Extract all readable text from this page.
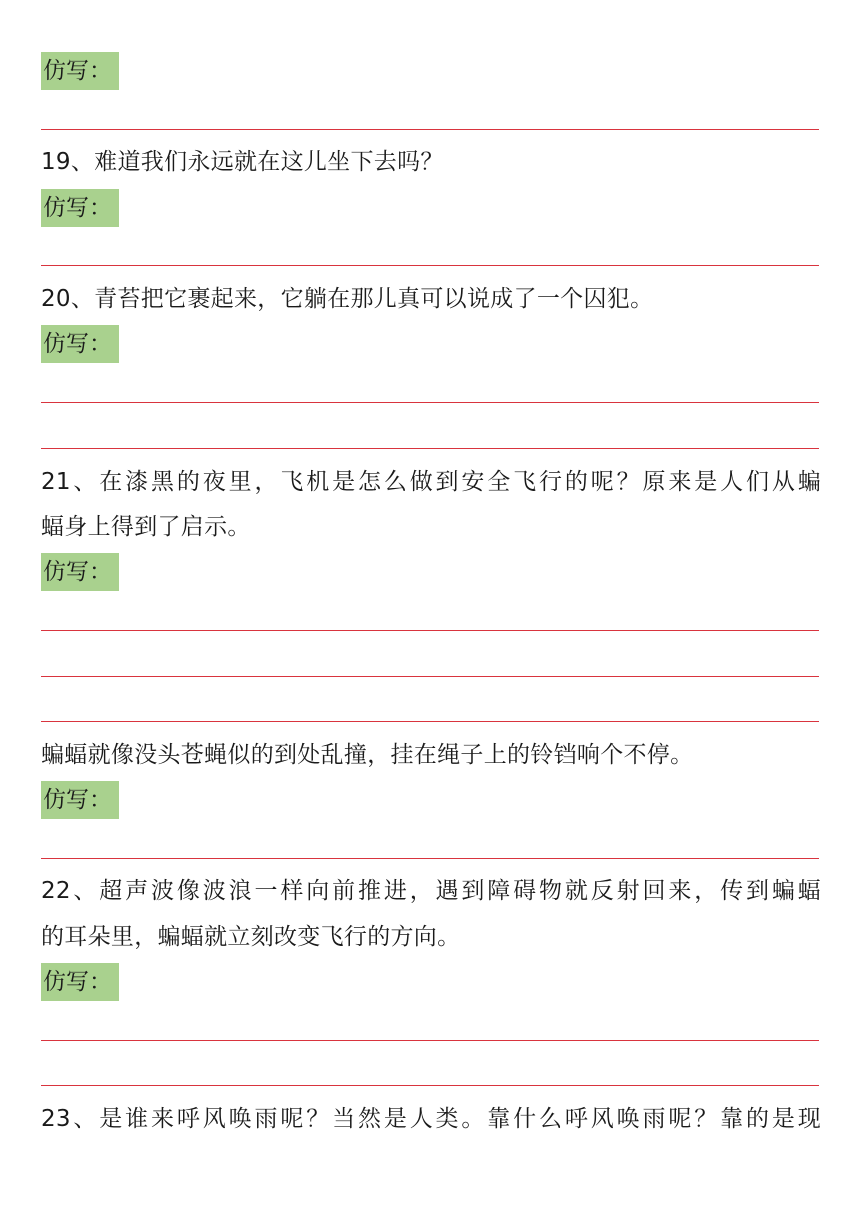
仿写：
19、难道我们永远就在这儿坐下去吗？
仿写：
20、青苔把它裹起来，它躺在那儿真可以说成了一个囚犯。
仿写：
21、在漆黑的夜里，飞机是怎么做到安全飞行的呢？原来是人们从蝙
蝠身上得到了启示。
仿写：
蝙蝠就像没头苍蝇似的到处乱撞，挂在绳子上的铃铛响个不停。
仿写：
22、超声波像波浪一样向前推进，遇到障碍物就反射回来，传到蝙蝠
的耳朵里，蝙蝠就立刻改变飞行的方向。
仿写：
23、是谁来呼风唤雨呢？当然是人类。靠什么呼风唤雨呢？靠的是现
